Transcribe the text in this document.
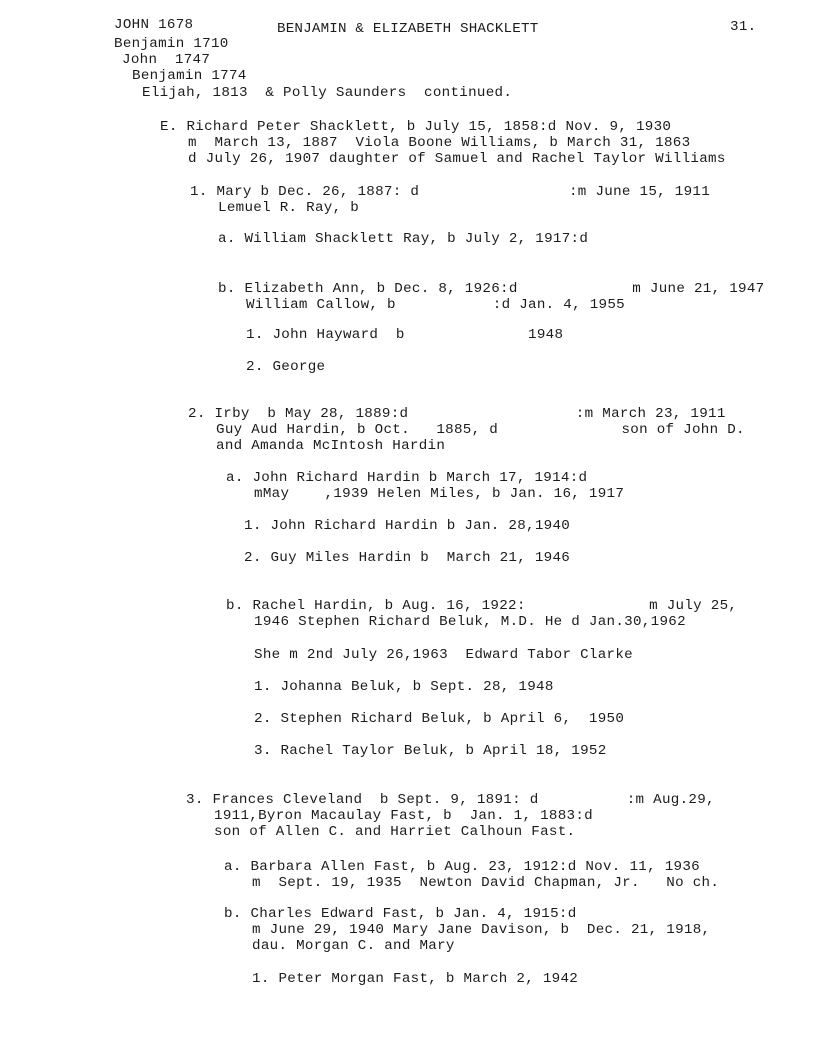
JOHN 1678	BENJAMIN & ELIZABETH SHACKLETT	31.
Benjamin 1710
John  1747
Benjamin 1774
Elijah, 1813  & Polly Saunders  continued.
E. Richard Peter Shacklett, b July 15, 1858:d Nov. 9, 1930
m  March 13, 1887  Viola Boone Williams, b March 31, 1863
d July 26, 1907 daughter of Samuel and Rachel Taylor Williams
1. Mary b Dec. 26, 1887: d                 :m June 15, 1911
Lemuel R. Ray, b
a. William Shacklett Ray, b July 2, 1917:d
b. Elizabeth Ann, b Dec. 8, 1926:d             m June 21, 1947
William Callow, b           :d Jan. 4, 1955
1. John Hayward  b              1948
2. George
2. Irby  b May 28, 1889:d                   :m March 23, 1911
Guy Aud Hardin, b Oct.   1885, d              son of John D.
and Amanda McIntosh Hardin
a. John Richard Hardin b March 17, 1914:d
mMay    ,1939 Helen Miles, b Jan. 16, 1917
1. John Richard Hardin b Jan. 28,1940
2. Guy Miles Hardin b  March 21, 1946
b. Rachel Hardin, b Aug. 16, 1922:              m July 25,
1946 Stephen Richard Beluk, M.D. He d Jan.30,1962
She m 2nd July 26,1963  Edward Tabor Clarke
1. Johanna Beluk, b Sept. 28, 1948
2. Stephen Richard Beluk, b April 6,  1950
3. Rachel Taylor Beluk, b April 18, 1952
3. Frances Cleveland  b Sept. 9, 1891: d          :m Aug.29,
1911,Byron Macaulay Fast, b  Jan. 1, 1883:d
son of Allen C. and Harriet Calhoun Fast.
a. Barbara Allen Fast, b Aug. 23, 1912:d Nov. 11, 1936
m  Sept. 19, 1935  Newton David Chapman, Jr.   No ch.
b. Charles Edward Fast, b Jan. 4, 1915:d
m June 29, 1940 Mary Jane Davison, b  Dec. 21, 1918,
dau. Morgan C. and Mary
1. Peter Morgan Fast, b March 2, 1942
